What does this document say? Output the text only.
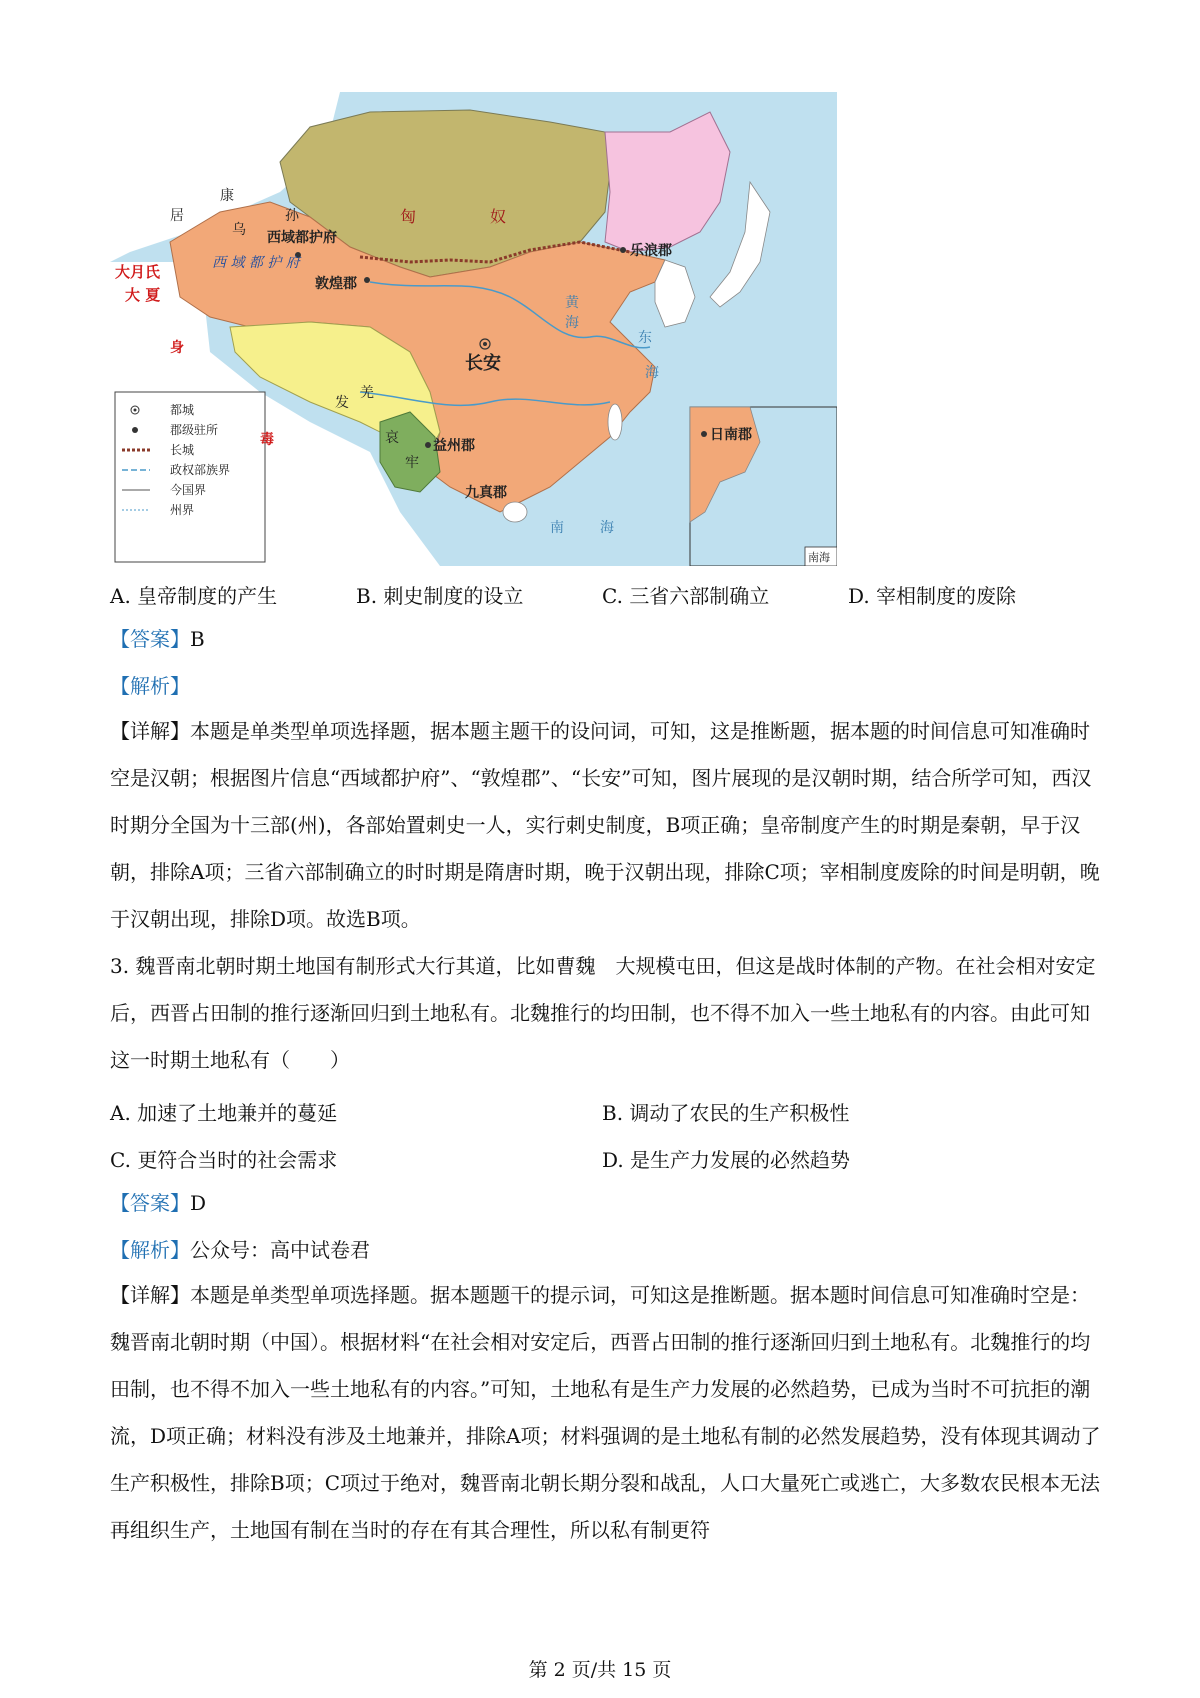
康
居	孙
乌
匈	奴
西域都护府
西 域 都 护 府
敦煌郡
乐浪郡
大月氏
大 夏
身
毒
长安
发
羌
哀
牢
益州郡
九真郡
日南郡
南海
东
海
黄
海
南	海
都城
郡级驻所
长城
政权部族界
今国界
州界
A. 皇帝制度的产生	B. 刺史制度的设立	C. 三省六部制确立	D. 宰相制度的废除
【答案】B
【解析】
【详解】本题是单类型单项选择题，据本题主题干的设问词，可知，这是推断题，据本题的时间信息可知准确时空是汉朝；根据图片信息“西域都护府”、“敦煌郡”、“长安”可知，图片展现的是汉朝时期，结合所学可知，西汉时期分全国为十三部(州)，各部始置刺史一人，实行刺史制度，B项正确；皇帝制度产生的时期是秦朝，早于汉朝，排除A项；三省六部制确立的时时期是隋唐时期，晚于汉朝出现，排除C项；宰相制度废除的时间是明朝，晚于汉朝出现，排除D项。故选B项。
3. 魏晋南北朝时期土地国有制形式大行其道，比如曹魏　大规模屯田，但这是战时体制的产物。在社会相对安定后，西晋占田制的推行逐渐回归到土地私有。北魏推行的均田制，也不得不加入一些土地私有的内容。由此可知这一时期土地私有（　　）
A. 加速了土地兼并的蔓延	B. 调动了农民的生产积极性
C. 更符合当时的社会需求	D. 是生产力发展的必然趋势
【答案】D
【解析】公众号：高中试卷君
【详解】本题是单类型单项选择题。据本题题干的提示词，可知这是推断题。据本题时间信息可知准确时空是：魏晋南北朝时期（中国）。根据材料“在社会相对安定后，西晋占田制的推行逐渐回归到土地私有。北魏推行的均田制，也不得不加入一些土地私有的内容。”可知，土地私有是生产力发展的必然趋势，已成为当时不可抗拒的潮流，D项正确；材料没有涉及土地兼并，排除A项；材料强调的是土地私有制的必然发展趋势，没有体现其调动了生产积极性，排除B项；C项过于绝对，魏晋南北朝长期分裂和战乱，人口大量死亡或逃亡，大多数农民根本无法再组织生产，土地国有制在当时的存在有其合理性，所以私有制更符
第 2 页/共 15 页
